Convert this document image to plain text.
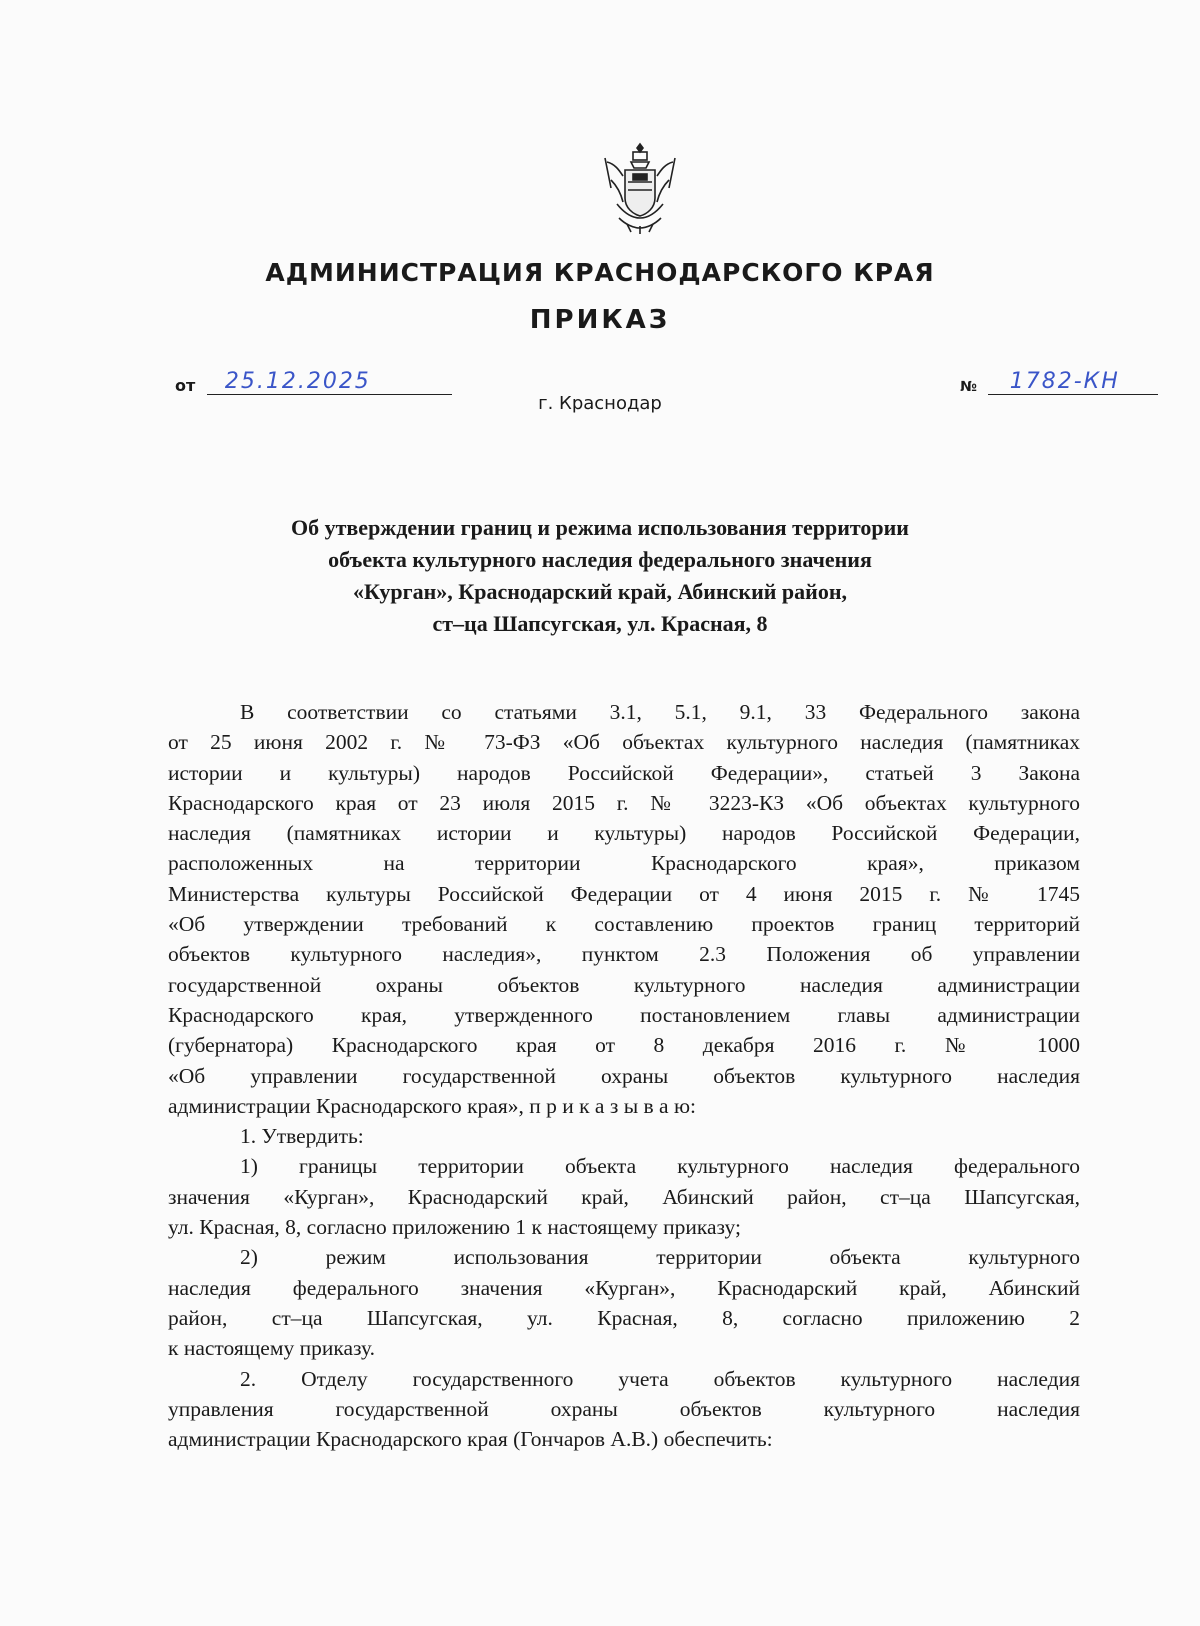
АДМИНИСТРАЦИЯ КРАСНОДАРСКОГО КРАЯ
ПРИКАЗ
от 25.12.2025	№ 1782-КН
г. Краснодар
Об утверждении границ и режима использования территории
объекта культурного наследия федерального значения
«Курган», Краснодарский край, Абинский район,
ст–ца Шапсугская, ул. Красная, 8
В соответствии со статьями 3.1, 5.1, 9.1, 33 Федерального закона
от 25 июня 2002 г. № 73-ФЗ «Об объектах культурного наследия (памятниках
истории и культуры) народов Российской Федерации», статьей 3 Закона
Краснодарского края от 23 июля 2015 г. № 3223-КЗ «Об объектах культурного
наследия (памятниках истории и культуры) народов Российской Федерации,
расположенных на территории Краснодарского края», приказом
Министерства культуры Российской Федерации от 4 июня 2015 г. № 1745
«Об утверждении требований к составлению проектов границ территорий
объектов культурного наследия», пунктом 2.3 Положения об управлении
государственной охраны объектов культурного наследия администрации
Краснодарского края, утвержденного постановлением главы администрации
(губернатора) Краснодарского края от 8 декабря 2016 г. № 1000
«Об управлении государственной охраны объектов культурного наследия
администрации Краснодарского края», п р и к а з ы в а ю:
1. Утвердить:
1) границы территории объекта культурного наследия федерального
значения «Курган», Краснодарский край, Абинский район, ст–ца Шапсугская,
ул. Красная, 8, согласно приложению 1 к настоящему приказу;
2) режим использования территории объекта культурного
наследия федерального значения «Курган», Краснодарский край, Абинский
район, ст–ца Шапсугская, ул. Красная, 8, согласно приложению 2
к настоящему приказу.
2. Отделу государственного учета объектов культурного наследия
управления государственной охраны объектов культурного наследия
администрации Краснодарского края (Гончаров А.В.) обеспечить:
